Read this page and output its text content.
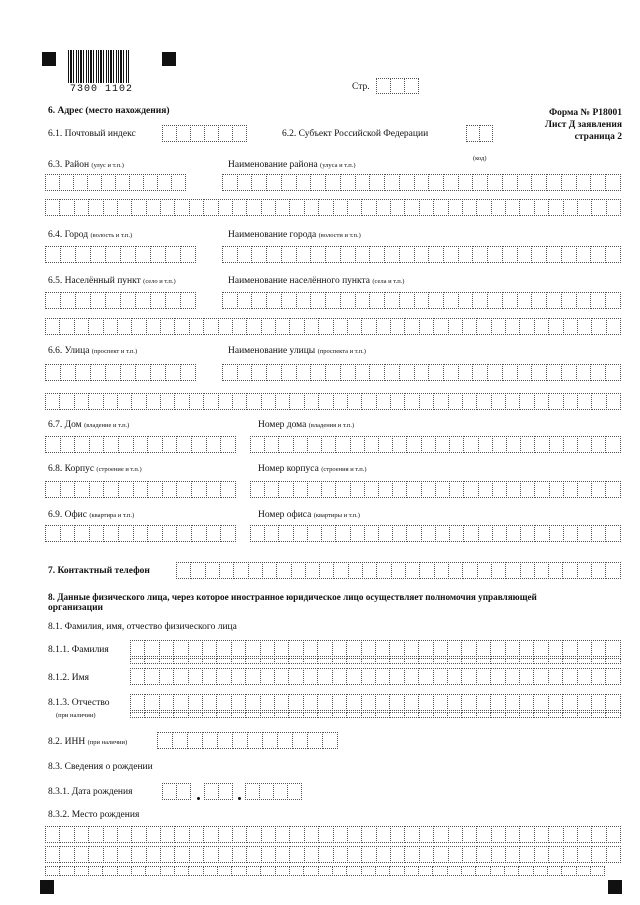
7300 1102	Стр.
Форма № Р18001
Лист Д заявления
страница 2
6. Адрес (место нахождения)
6.1. Почтовый индекс	6.2. Субъект Российской Федерации
(код)
6.3. Район (улус и т.п.)	Наименование района (улуса и т.п.)
6.4. Город (волость и т.п.)	Наименование города (волости и т.п.)
6.5. Населённый пункт (село и т.п.)	Наименование населённого пункта (села и т.п.)
6.6. Улица (проспект и т.п.)	Наименование улицы (проспекта и т.п.)
6.7. Дом (владение и т.п.)	Номер дома (владения и т.п.)
6.8. Корпус (строение и т.п.)	Номер корпуса (строения и т.п.)
6.9. Офис (квартира и т.п.)	Номер офиса (квартиры и т.п.)
7. Контактный телефон
8. Данные физического лица, через которое иностранное юридическое лицо осуществляет полномочия управляющей
организации
8.1. Фамилия, имя, отчество физического лица
8.1.1. Фамилия
8.1.2. Имя
8.1.3. Отчество
(при наличии)
8.2. ИНН (при наличии)
8.3. Сведения о рождении
8.3.1. Дата рождения
8.3.2. Место рождения
